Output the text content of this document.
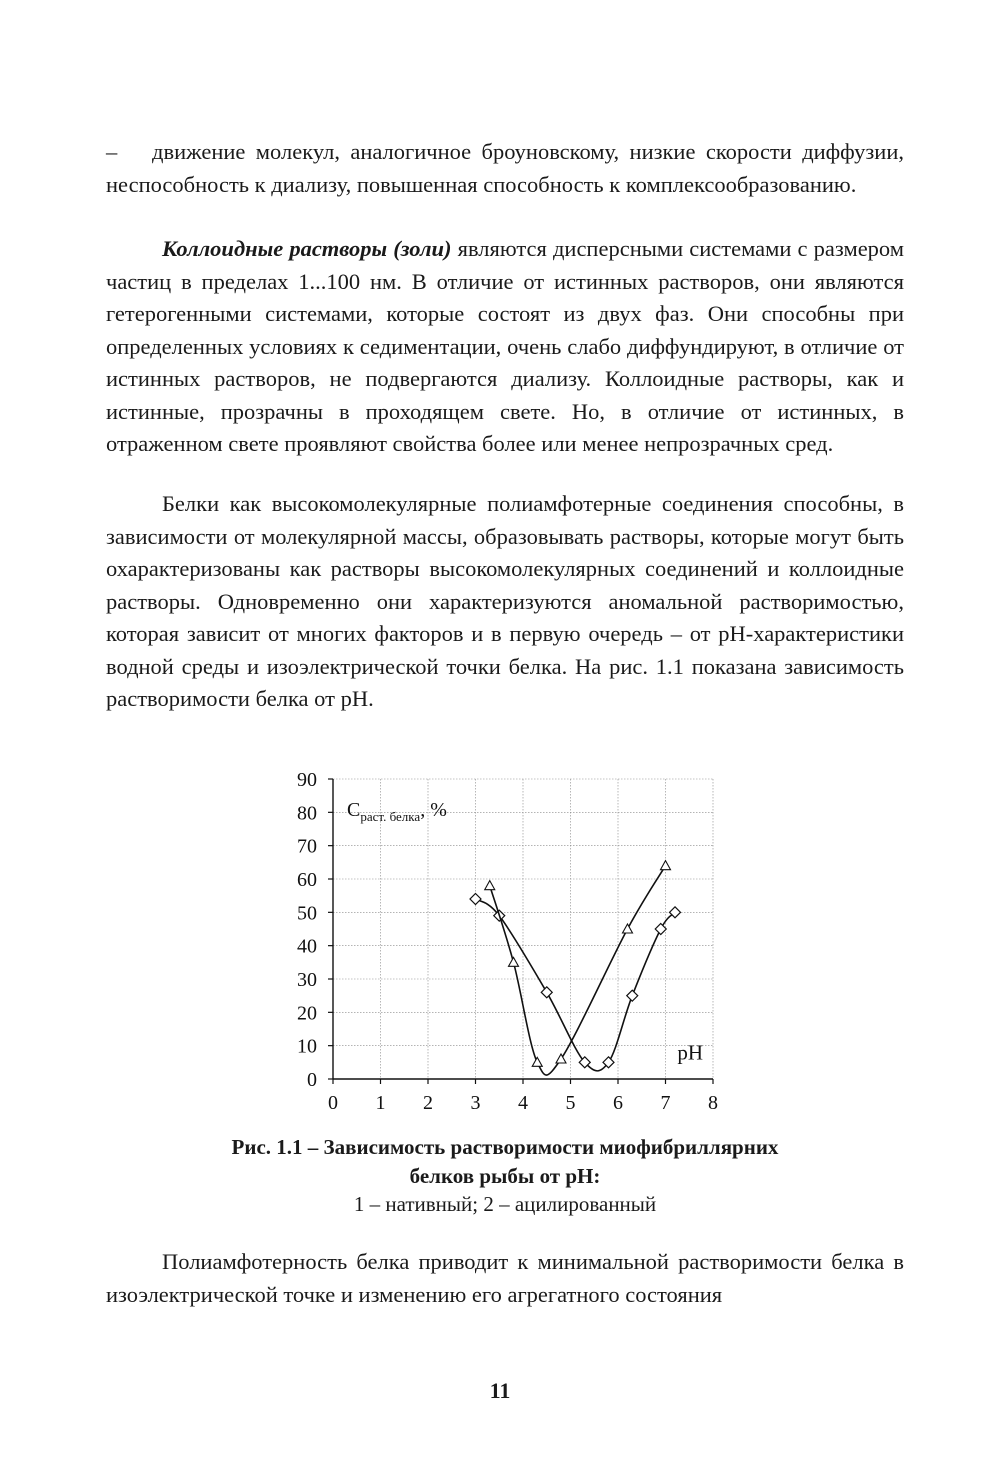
– движение молекул, аналогичное броуновскому, низкие скорости диффузии, неспособность к диализу, повышенная способность к комплексообразованию.

Коллоидные растворы (золи) являются дисперсными системами с размером частиц в пределах 1...100 нм. В отличие от истинных растворов, они являются гетерогенными системами, которые состоят из двух фаз. Они способны при определенных условиях к седиментации, очень слабо диффундируют, в отличие от истинных растворов, не подвергаются диализу. Коллоидные растворы, как и истинные, прозрачны в проходящем свете. Но, в отличие от истинных, в отраженном свете проявляют свойства более или менее непрозрачных сред.

Белки как высокомолекулярные полиамфотерные соединения способны, в зависимости от молекулярной массы, образовывать растворы, которые могут быть охарактеризованы как растворы высокомолекулярных соединений и коллоидные растворы. Одновременно они характеризуются аномальной растворимостью, которая зависит от многих факторов и в первую очередь – от pH-характеристики водной среды и изоэлектрической точки белка. На рис. 1.1 показана зависимость растворимости белка от pH.

0
10
20
30
40
50
60
70
80
90
0 1 2 3 4 5 6 7 8
$C_{раст. белка}$, %
pH
Рис. 1.1 – Зависимость растворимости миофибриллярних
белков рыбы от pH:
1 – нативный; 2 – ацилированный

Полиамфотерность белка приводит к минимальной растворимости белка в изоэлектрической точке и изменению его агрегатного состояния

11
